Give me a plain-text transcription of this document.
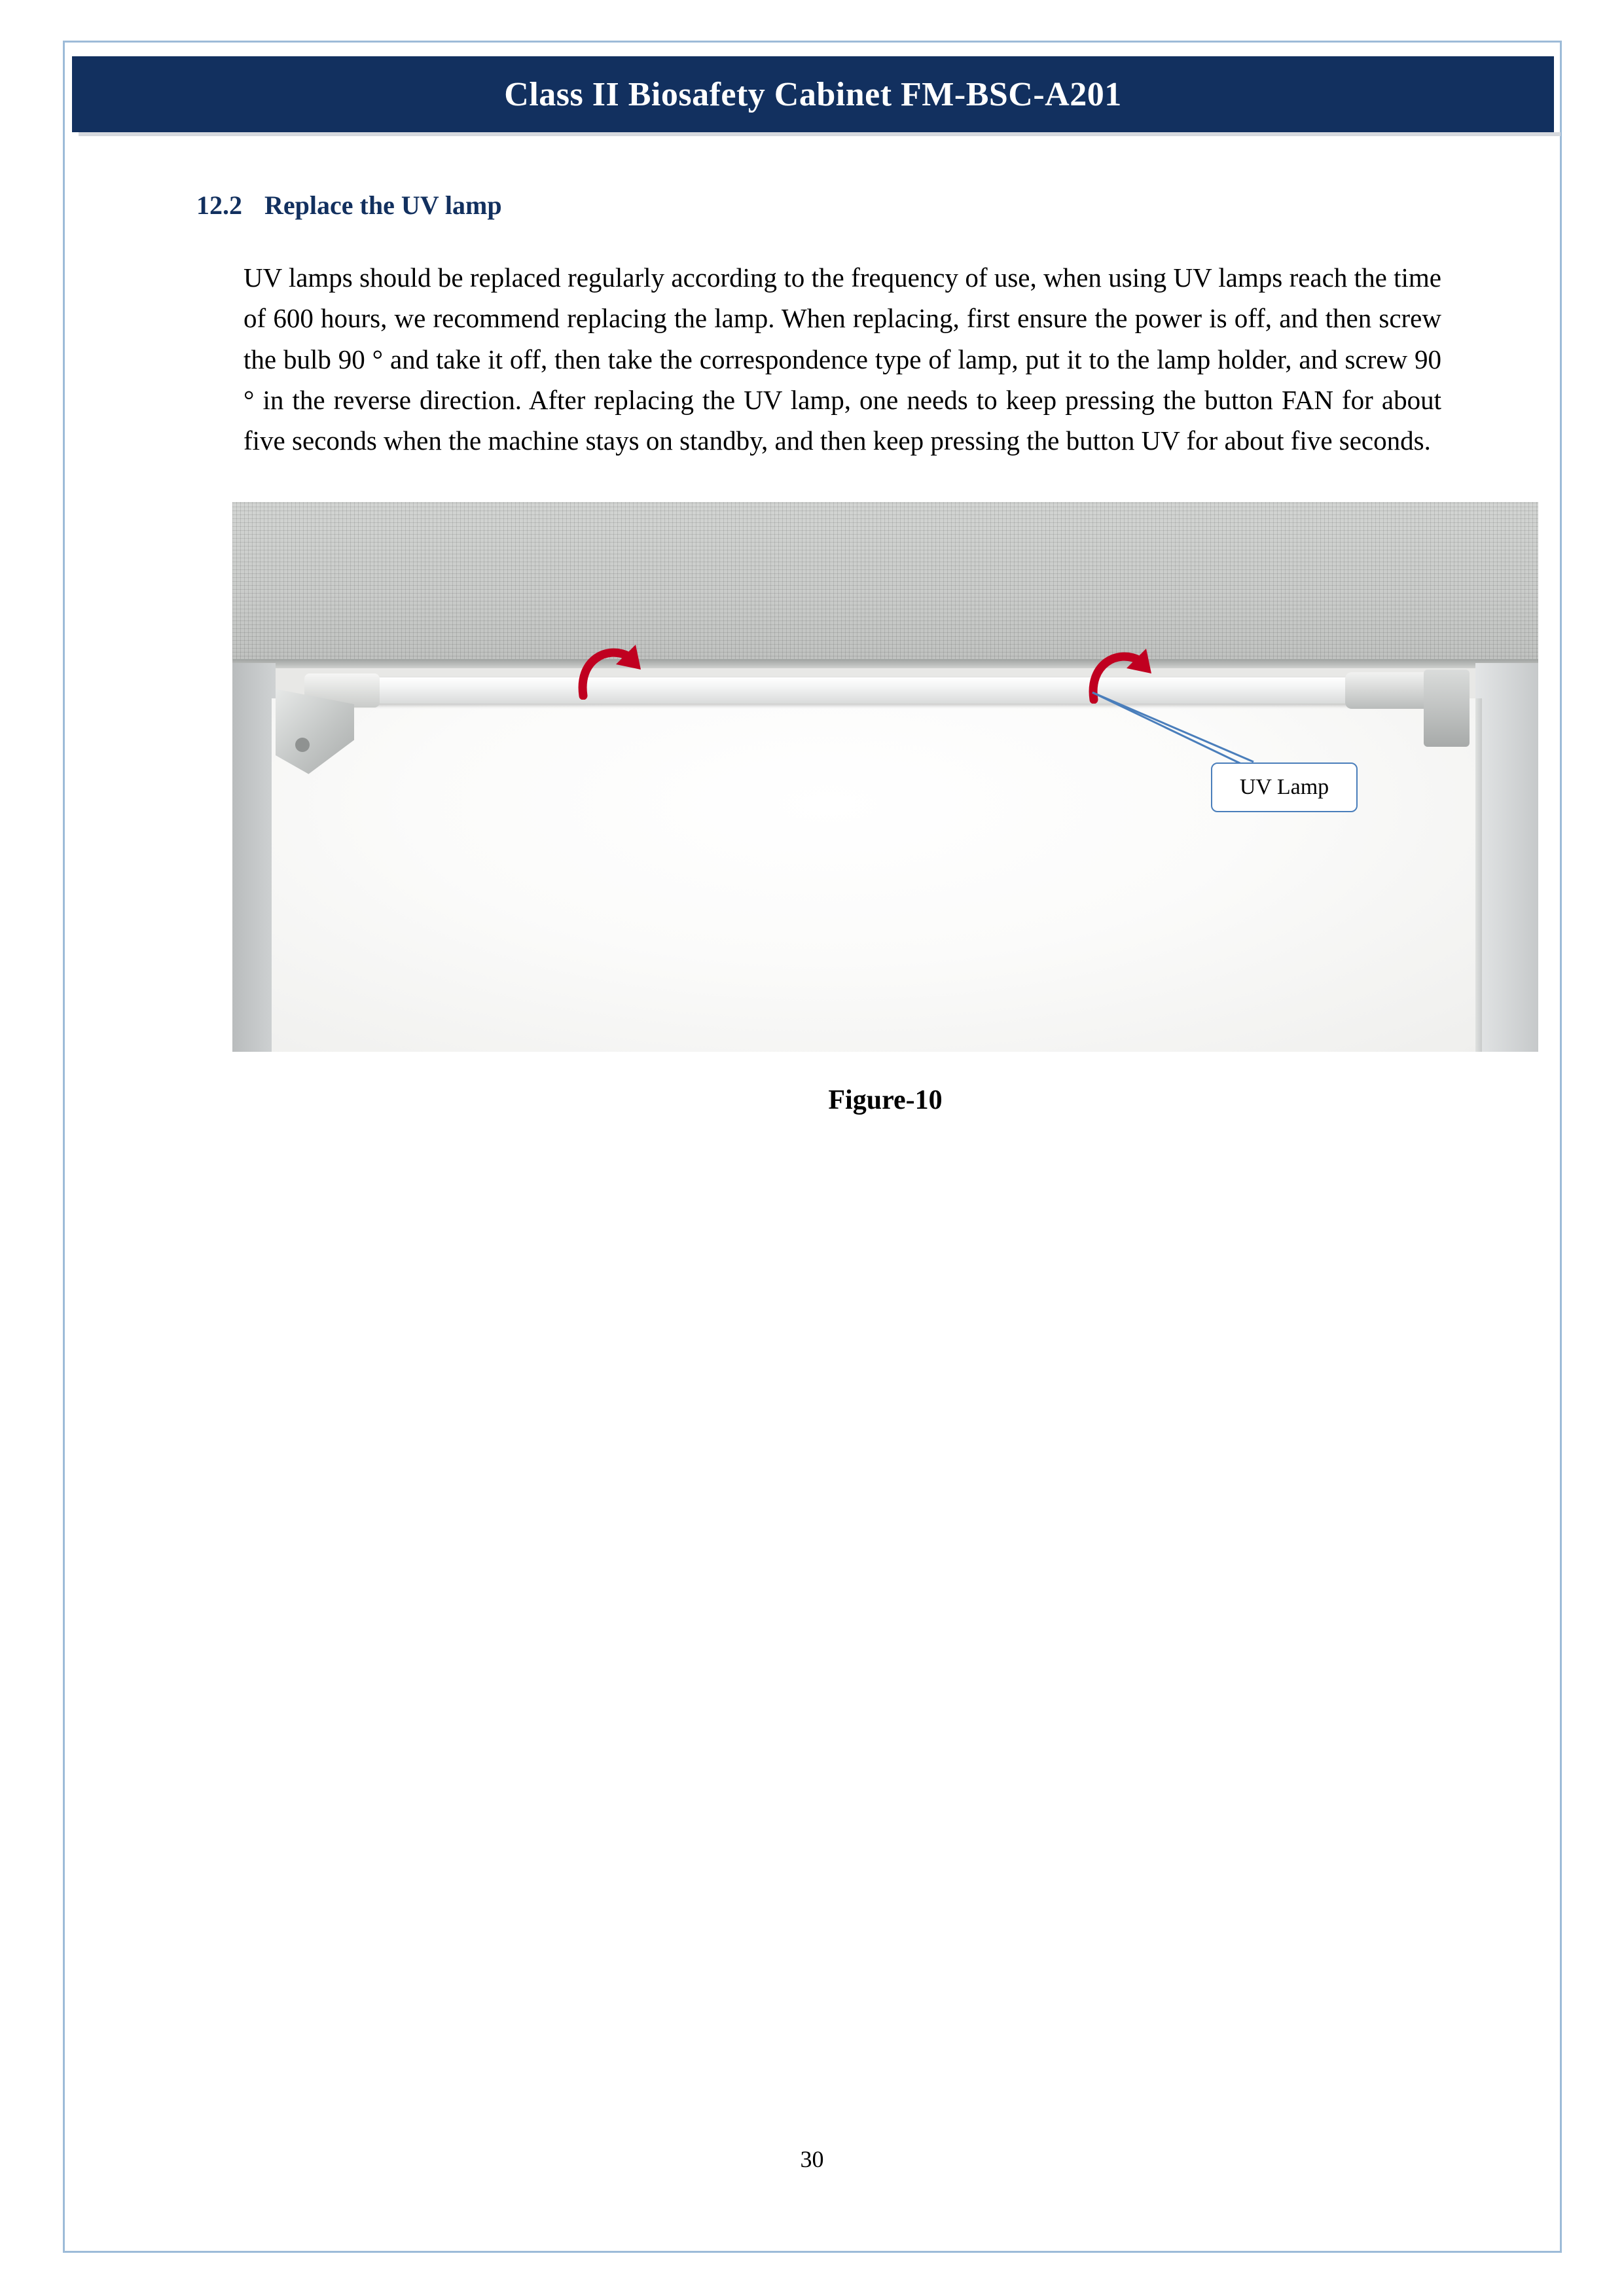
Class II Biosafety Cabinet FM-BSC-A201
12.2 Replace the UV lamp
UV lamps should be replaced regularly according to the frequency of use, when using UV lamps reach the time of 600 hours, we recommend replacing the lamp. When replacing, first ensure the power is off, and then screw the bulb 90 ° and take it off, then take the correspondence type of lamp, put it to the lamp holder, and screw 90 ° in the reverse direction. After replacing the UV lamp, one needs to keep pressing the button FAN for about five seconds when the machine stays on standby, and then keep pressing the button UV for about five seconds.
UV Lamp
Figure-10
30
